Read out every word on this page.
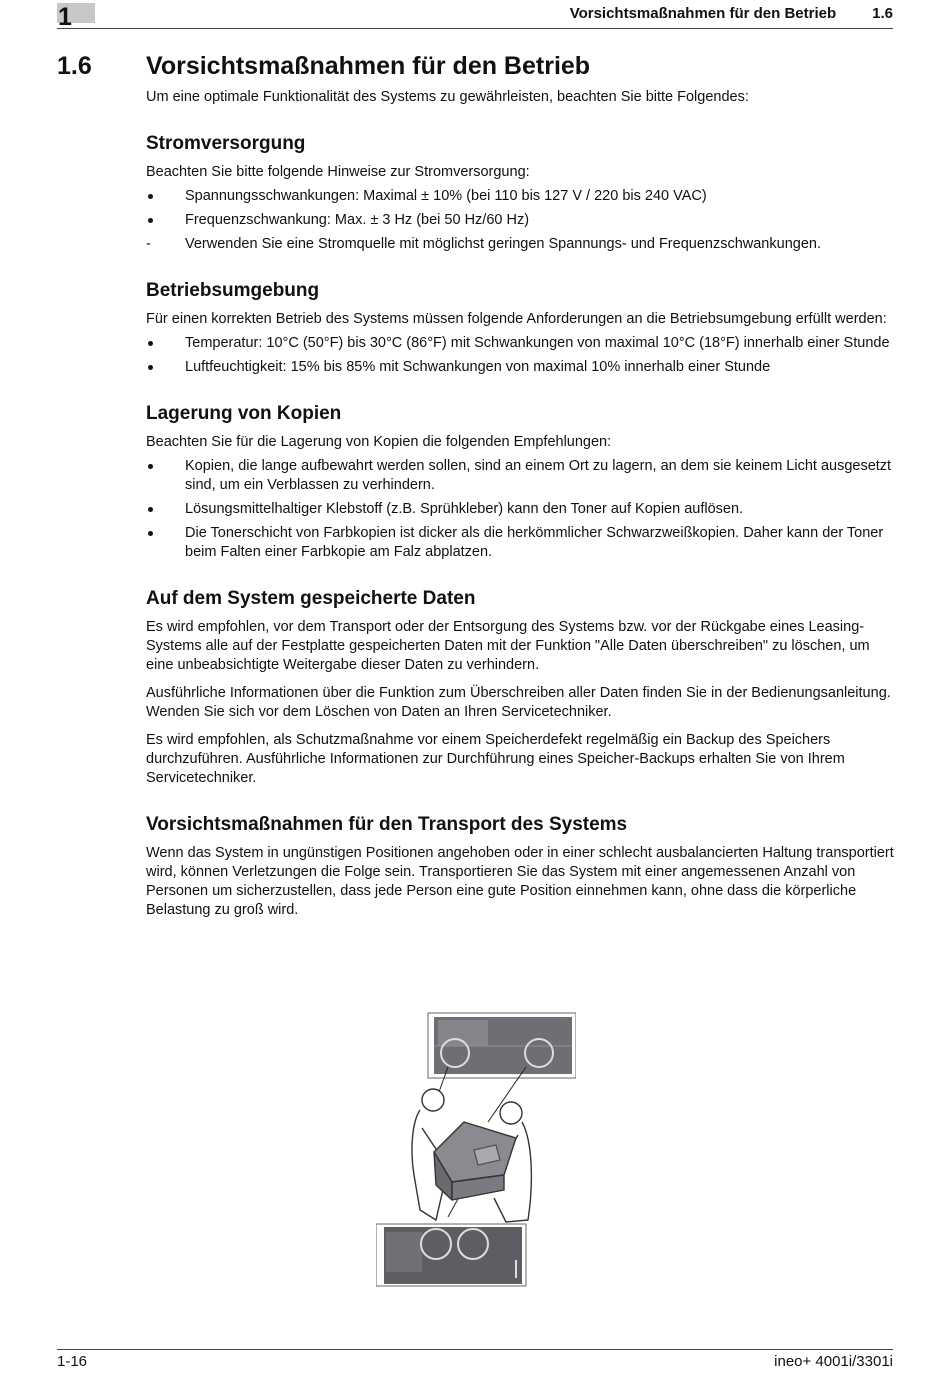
1	Vorsichtsmaßnahmen für den Betrieb 1.6
1.6 Vorsichtsmaßnahmen für den Betrieb

Um eine optimale Funktionalität des Systems zu gewährleisten, beachten Sie bitte Folgendes:

Stromversorgung

Beachten Sie bitte folgende Hinweise zur Stromversorgung:

Spannungsschwankungen: Maximal ± 10% (bei 110 bis 127 V / 220 bis 240 VAC)
Frequenzschwankung: Max. ± 3 Hz (bei 50 Hz/60 Hz)
-	Verwenden Sie eine Stromquelle mit möglichst geringen Spannungs- und Frequenzschwankungen.
Betriebsumgebung

Für einen korrekten Betrieb des Systems müssen folgende Anforderungen an die Betriebsumgebung erfüllt werden:

Temperatur: 10°C (50°F) bis 30°C (86°F) mit Schwankungen von maximal 10°C (18°F) innerhalb einer Stunde
Luftfeuchtigkeit: 15% bis 85% mit Schwankungen von maximal 10% innerhalb einer Stunde
Lagerung von Kopien

Beachten Sie für die Lagerung von Kopien die folgenden Empfehlungen:

Kopien, die lange aufbewahrt werden sollen, sind an einem Ort zu lagern, an dem sie keinem Licht ausgesetzt sind, um ein Verblassen zu verhindern.
Lösungsmittelhaltiger Klebstoff (z.B. Sprühkleber) kann den Toner auf Kopien auflösen.
Die Tonerschicht von Farbkopien ist dicker als die herkömmlicher Schwarzweißkopien. Daher kann der Toner beim Falten einer Farbkopie am Falz abplatzen.
Auf dem System gespeicherte Daten

Es wird empfohlen, vor dem Transport oder der Entsorgung des Systems bzw. vor der Rückgabe eines Leasing-Systems alle auf der Festplatte gespeicherten Daten mit der Funktion "Alle Daten überschreiben" zu löschen, um eine unbeabsichtigte Weitergabe dieser Daten zu verhindern.

Ausführliche Informationen über die Funktion zum Überschreiben aller Daten finden Sie in der Bedienungsanleitung. Wenden Sie sich vor dem Löschen von Daten an Ihren Servicetechniker.

Es wird empfohlen, als Schutzmaßnahme vor einem Speicherdefekt regelmäßig ein Backup des Speichers durchzuführen. Ausführliche Informationen zur Durchführung eines Speicher-Backups erhalten Sie von Ihrem Servicetechniker.

Vorsichtsmaßnahmen für den Transport des Systems

Wenn das System in ungünstigen Positionen angehoben oder in einer schlecht ausbalancierten Haltung transportiert wird, können Verletzungen die Folge sein. Transportieren Sie das System mit einer angemessenen Anzahl von Personen um sicherzustellen, dass jede Person eine gute Position einnehmen kann, ohne dass die körperliche Belastung zu groß wird.

1-16	ineo+ 4001i/3301i
